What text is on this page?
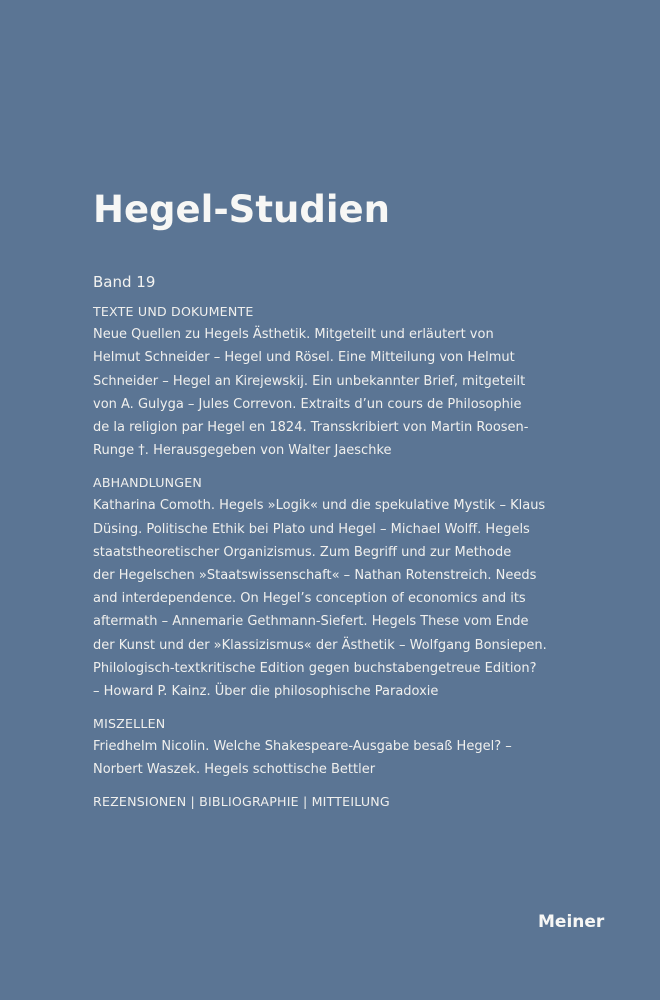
Hegel-Studien
Band 19
TEXTE UND DOKUMENTE
Neue Quellen zu Hegels Ästhetik. Mitgeteilt und erläutert von
Helmut Schneider – Hegel und Rösel. Eine Mitteilung von Helmut
Schneider – Hegel an Kirejewskij. Ein unbekannter Brief, mitgeteilt
von A. Gulyga – Jules Correvon. Extraits d’un cours de Philosophie
de la religion par Hegel en 1824. Transskribiert von Martin Roosen-
Runge †. Herausgegeben von Walter Jaeschke
ABHANDLUNGEN
Katharina Comoth. Hegels »Logik« und die spekulative Mystik – Klaus
Düsing. Politische Ethik bei Plato und Hegel – Michael Wolff. Hegels
staatstheoretischer Organizismus. Zum Begriff und zur Methode
der Hegelschen »Staatswissenschaft« – Nathan Rotenstreich. Needs
and interdependence. On Hegel’s conception of economics and its
aftermath – Annemarie Gethmann-Siefert. Hegels These vom Ende
der Kunst und der »Klassizismus« der Ästhetik – Wolfgang Bonsiepen.
Philologisch-textkritische Edition gegen buchstabengetreue Edition?
– Howard P. Kainz. Über die philosophische Paradoxie
MISZELLEN
Friedhelm Nicolin. Welche Shakespeare-Ausgabe besaß Hegel? –
Norbert Waszek. Hegels schottische Bettler
REZENSIONEN | BIBLIOGRAPHIE | MITTEILUNG
Meiner
